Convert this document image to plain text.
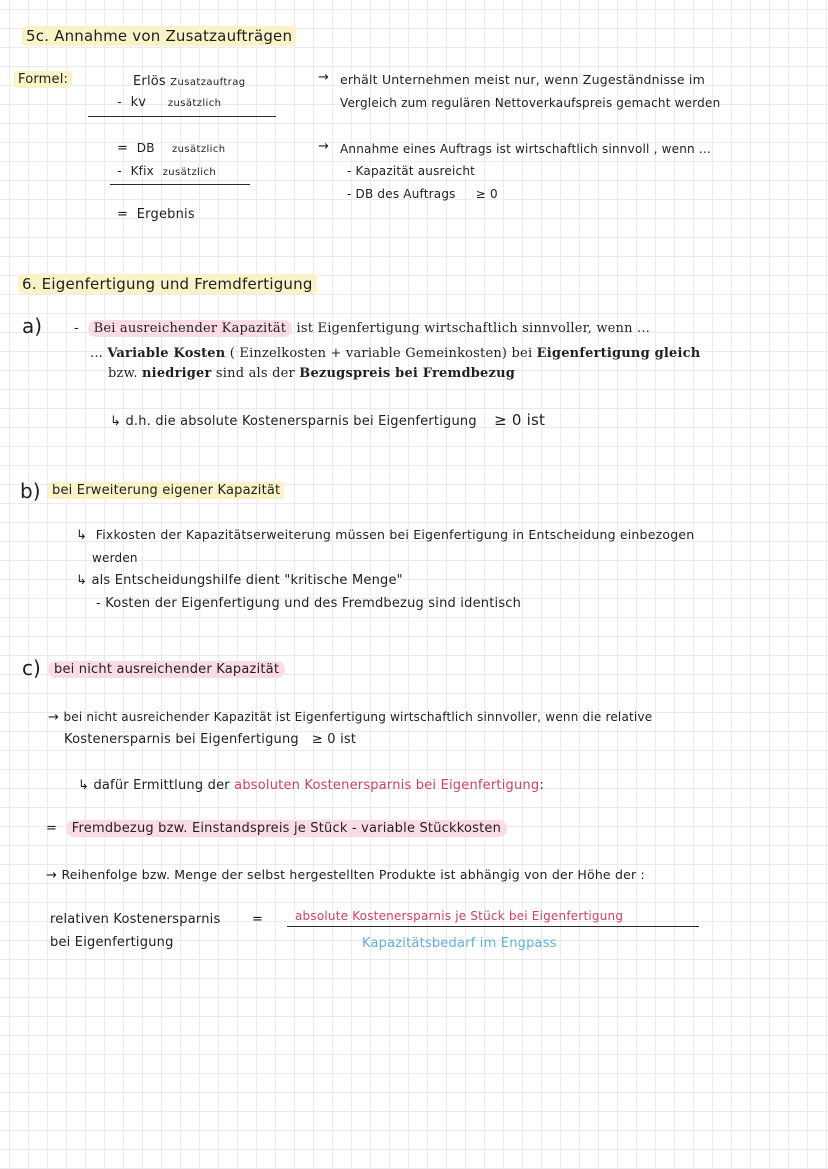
5c. Annahme von Zusatzaufträgen
Formel:	Erlös Zusatzauftrag
- kv zusätzlich
= DB zusätzlich
- Kfix zusätzlich
= Ergebnis
→ erhält Unternehmen meist nur, wenn Zugeständnisse im
Vergleich zum regulären Nettoverkaufspreis gemacht werden
→ Annahme eines Auftrags ist wirtschaftlich sinnvoll , wenn ...
- Kapazität ausreicht
- DB des Auftrags ≥ 0
6. Eigenfertigung und Fremdfertigung
a) - Bei ausreichender Kapazität ist Eigenfertigung wirtschaftlich sinnvoller, wenn ...
... Variable Kosten ( Einzelkosten + variable Gemeinkosten) bei Eigenfertigung gleich
bzw. niedriger sind als der Bezugspreis bei Fremdbezug
↳ d.h. die absolute Kostenersparnis bei Eigenfertigung ≥ 0 ist
b) bei Erweiterung eigener Kapazität
↳ Fixkosten der Kapazitätserweiterung müssen bei Eigenfertigung in Entscheidung einbezogen
werden
↳ als Entscheidungshilfe dient "kritische Menge"
- Kosten der Eigenfertigung und des Fremdbezug sind identisch
c)	bei nicht ausreichender Kapazität
→ bei nicht ausreichender Kapazität ist Eigenfertigung wirtschaftlich sinnvoller, wenn die relative
Kostenersparnis bei Eigenfertigung ≥ 0 ist
↳ dafür Ermittlung der absoluten Kostenersparnis bei Eigenfertigung:
= Fremdbezug bzw. Einstandspreis je Stück - variable Stückkosten
→ Reihenfolge bzw. Menge der selbst hergestellten Produkte ist abhängig von der Höhe der :
relativen Kostenersparnis
bei Eigenfertigung
=	absolute Kostenersparnis je Stück bei Eigenfertigung
Kapazitätsbedarf im Engpass
